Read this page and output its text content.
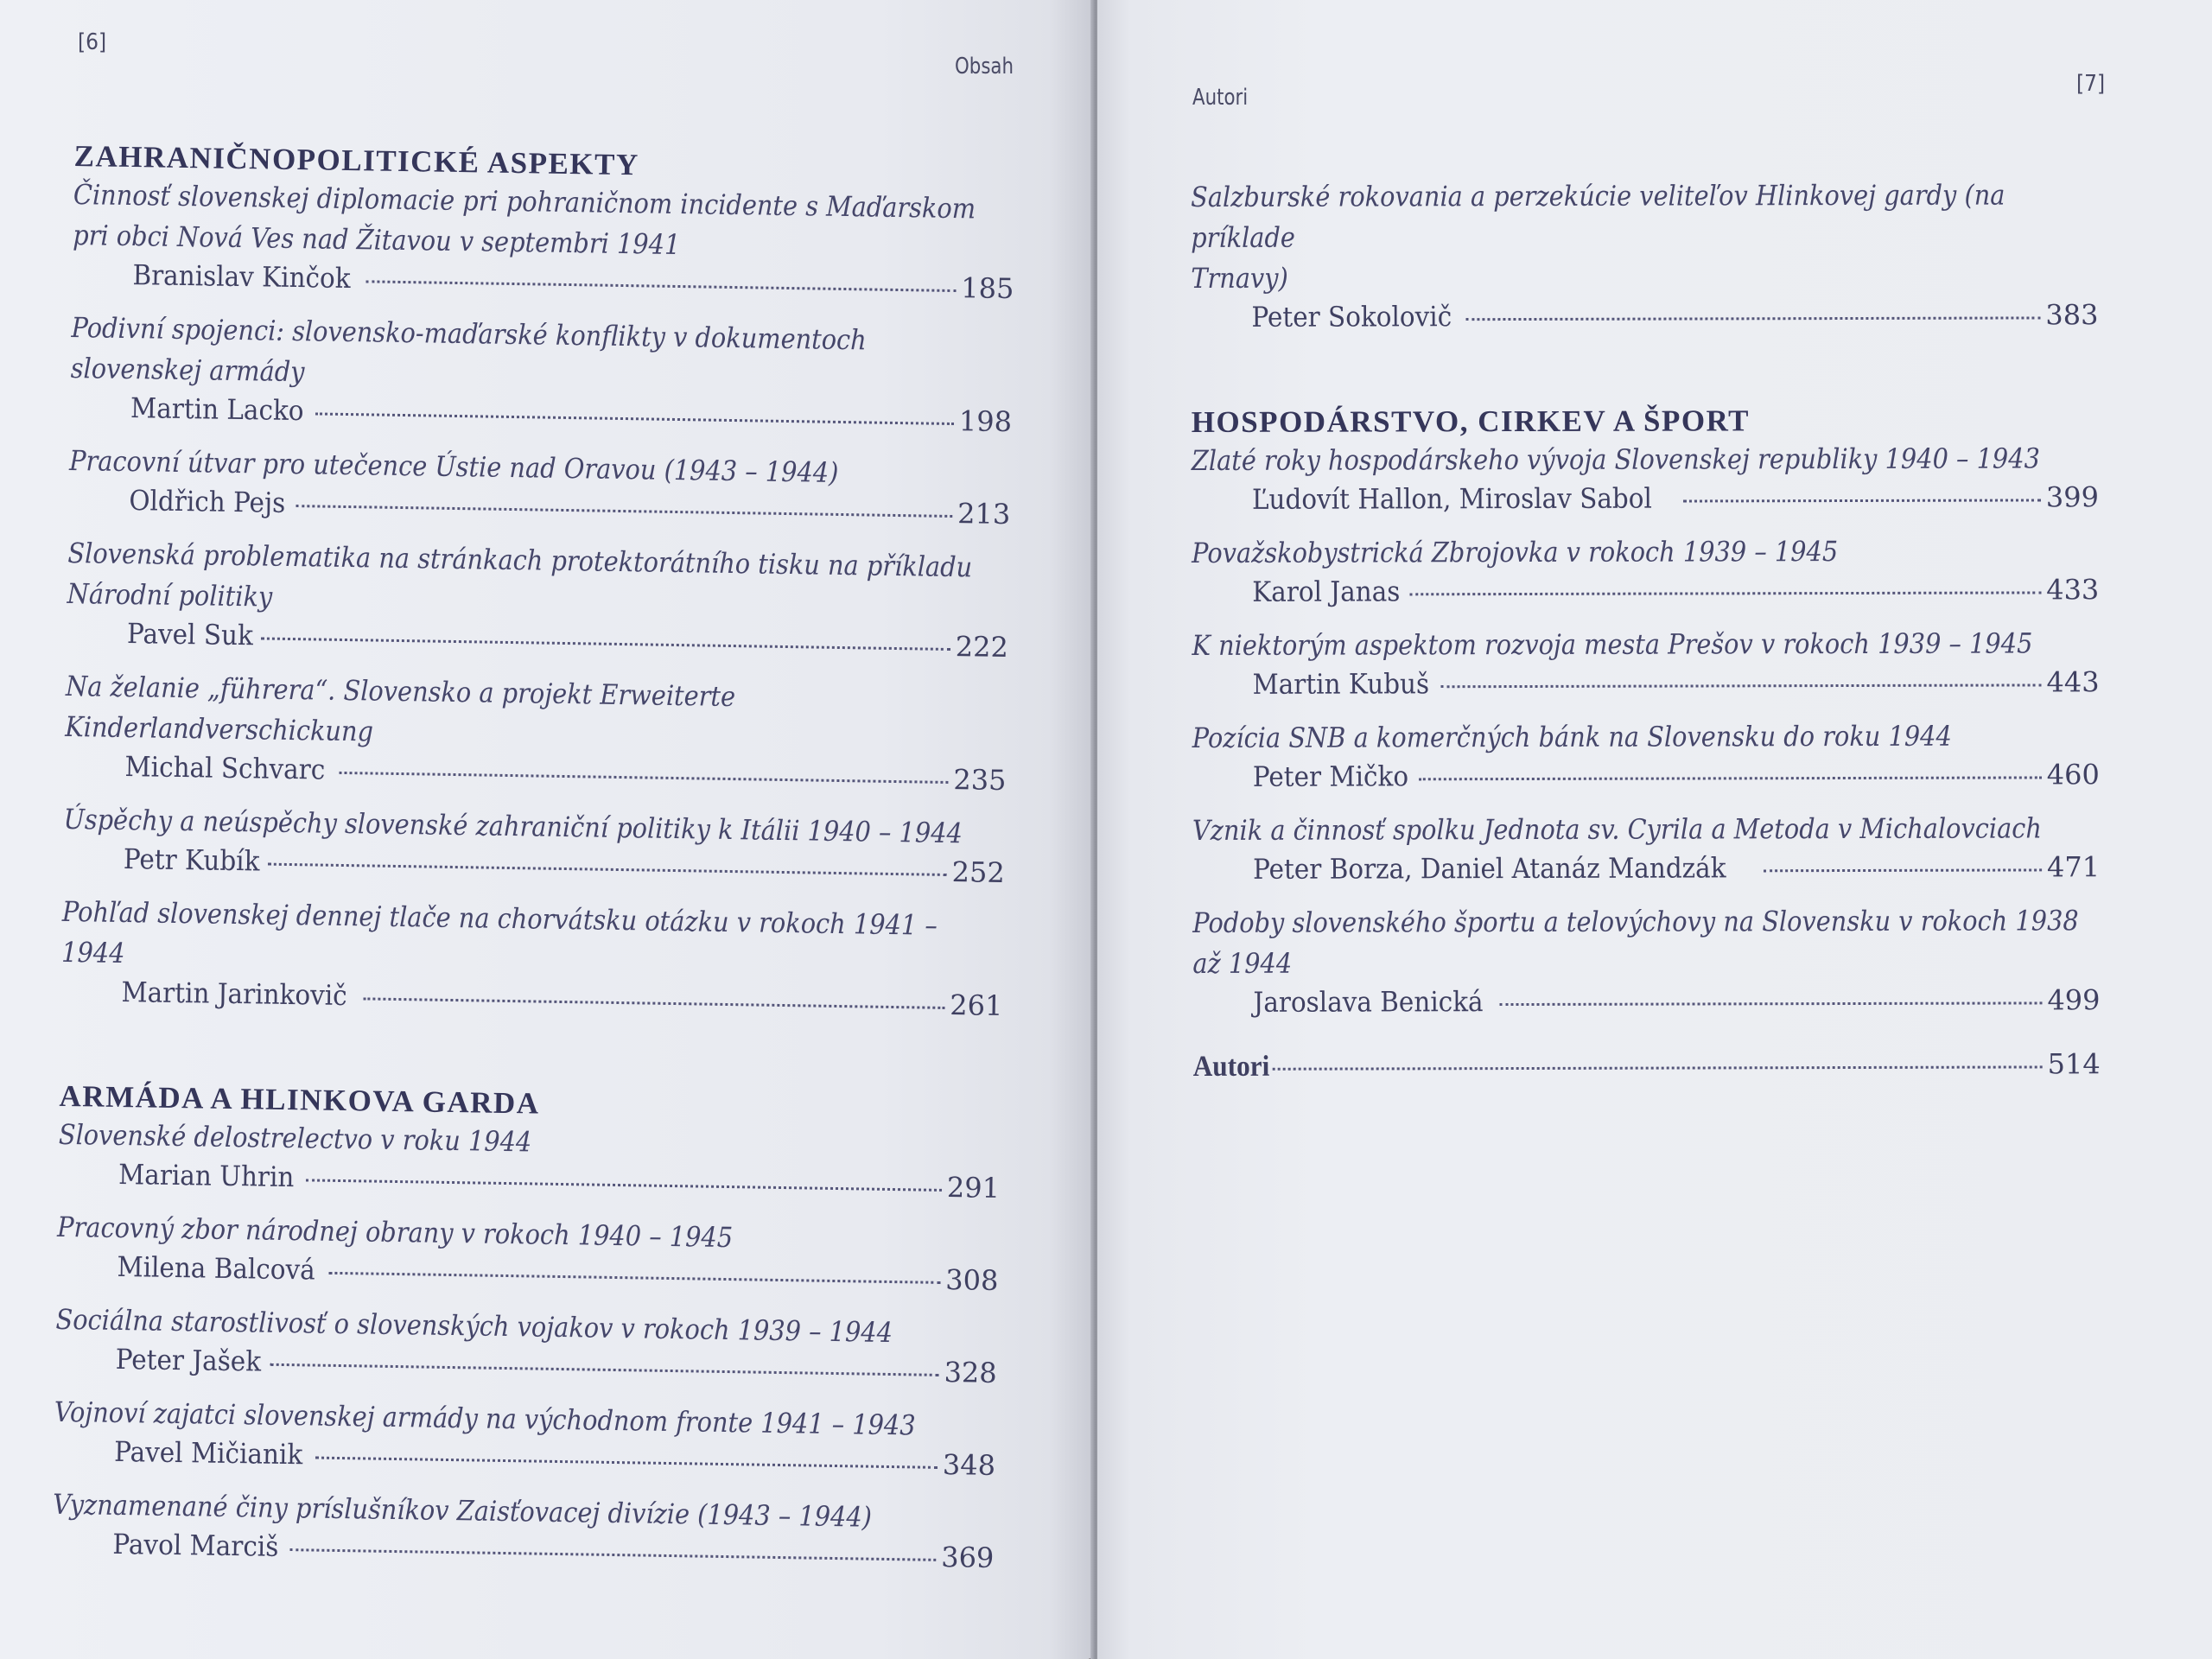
[6]
Obsah
ZAHRANIČNOPOLITICKÉ ASPEKTY
Činnosť slovenskej diplomacie pri pohraničnom incidente s Maďarskom
pri obci Nová Ves nad Žitavou v septembri 1941
Branislav Kinčok	185
Podivní spojenci: slovensko-maďarské konflikty v dokumentoch
slovenskej armády
Martin Lacko	198
Pracovní útvar pro utečence Ústie nad Oravou (1943 – 1944)
Oldřich Pejs	213
Slovenská problematika na stránkach protektorátního tisku na příkladu
Národní politiky
Pavel Suk	222
Na želanie „führera“. Slovensko a projekt Erweiterte
Kinderlandverschickung
Michal Schvarc	235
Úspěchy a neúspěchy slovenské zahraniční politiky k Itálii 1940 – 1944
Petr Kubík	252
Pohľad slovenskej dennej tlače na chorvátsku otázku v rokoch 1941 – 1944
Martin Jarinkovič	261
ARMÁDA A HLINKOVA GARDA
Slovenské delostrelectvo v roku 1944
Marian Uhrin	291
Pracovný zbor národnej obrany v rokoch 1940 – 1945
Milena Balcová	308
Sociálna starostlivosť o slovenských vojakov v rokoch 1939 – 1944
Peter Jašek	328
Vojnoví zajatci slovenskej armády na východnom fronte 1941 – 1943
Pavel Mičianik	348
Vyznamenané činy príslušníkov Zaisťovacej divízie (1943 – 1944)
Pavol Marciš	369
Autori
[7]
Salzburské rokovania a perzekúcie veliteľov Hlinkovej gardy (na príklade
Trnavy)
Peter Sokolovič	383
HOSPODÁRSTVO, CIRKEV A ŠPORT
Zlaté roky hospodárskeho vývoja Slovenskej republiky 1940 – 1943
Ľudovít Hallon, Miroslav Sabol	399
Považskobystrická Zbrojovka v rokoch 1939 – 1945
Karol Janas	433
K niektorým aspektom rozvoja mesta Prešov v rokoch 1939 – 1945
Martin Kubuš	443
Pozícia SNB a komerčných bánk na Slovensku do roku 1944
Peter Mičko	460
Vznik a činnosť spolku Jednota sv. Cyrila a Metoda v Michalovciach
Peter Borza, Daniel Atanáz Mandzák	471
Podoby slovenského športu a telovýchovy na Slovensku v rokoch 1938
až 1944
Jaroslava Benická	499
Autori	514
